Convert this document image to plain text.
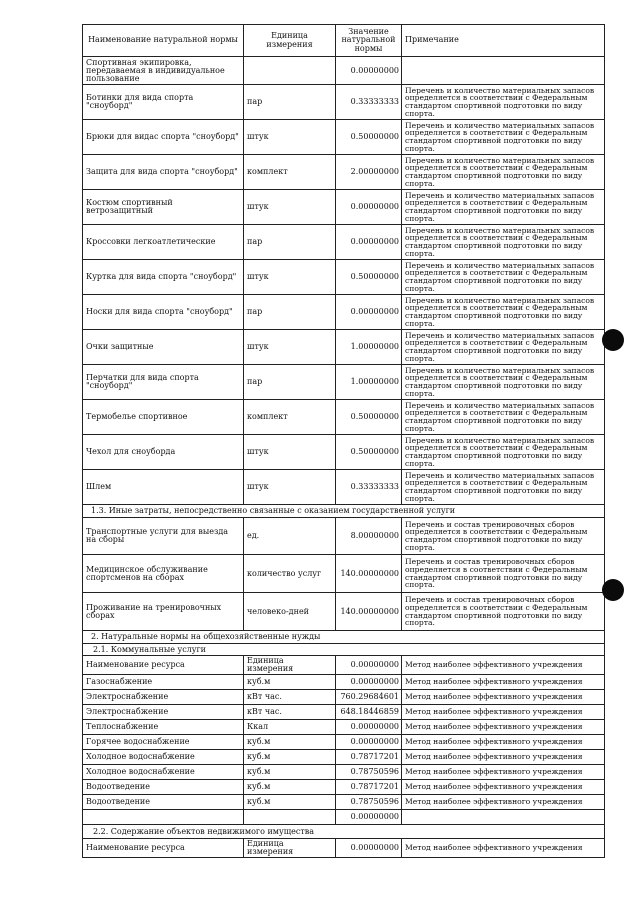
Наименование натуральной нормы	Единица измерения	Значение натуральной нормы	Примечание
Спортивная экипировка, передаваемая в индивидуальное пользование		0.00000000	
Ботинки для вида спорта "сноуборд"	пар	0.33333333	Перечень и количество материальных запасов определяется в соответствии с Федеральным стандартом спортивной подготовки по виду спорта.
Брюки для видас спорта "сноуборд"	штук	0.50000000	Перечень и количество материальных запасов определяется в соответствии с Федеральным стандартом спортивной подготовки по виду спорта.
Защита для вида спорта "сноуборд"	комплект	2.00000000	Перечень и количество материальных запасов определяется в соответствии с Федеральным стандартом спортивной подготовки по виду спорта.
Костюм спортивный ветрозащитный	штук	0.00000000	Перечень и количество материальных запасов определяется в соответствии с Федеральным стандартом спортивной подготовки по виду спорта.
Кроссовки легкоатлетические	пар	0.00000000	Перечень и количество материальных запасов определяется в соответствии с Федеральным стандартом спортивной подготовки по виду спорта.
Куртка для вида спорта "сноуборд"	штук	0.50000000	Перечень и количество материальных запасов определяется в соответствии с Федеральным стандартом спортивной подготовки по виду спорта.
Носки для вида спорта "сноуборд"	пар	0.00000000	Перечень и количество материальных запасов определяется в соответствии с Федеральным стандартом спортивной подготовки по виду спорта.
Очки защитные	штук	1.00000000	Перечень и количество материальных запасов определяется в соответствии с Федеральным стандартом спортивной подготовки по виду спорта.
Перчатки для вида спорта "сноуборд"	пар	1.00000000	Перечень и количество материальных запасов определяется в соответствии с Федеральным стандартом спортивной подготовки по виду спорта.
Термобелье спортивное	комплект	0.50000000	Перечень и количество материальных запасов определяется в соответствии с Федеральным стандартом спортивной подготовки по виду спорта.
Чехол для сноуборда	штук	0.50000000	Перечень и количество материальных запасов определяется в соответствии с Федеральным стандартом спортивной подготовки по виду спорта.
Шлем	штук	0.33333333	Перечень и количество материальных запасов определяется в соответствии с Федеральным стандартом спортивной подготовки по виду спорта.
1.3. Иные затраты, непосредственно связанные с оказанием государственной услуги			
Транспортные услуги для выезда на сборы	ед.	8.00000000	Перечень и состав тренировочных сборов определяется в соответствии с Федеральным стандартом спортивной подготовки по виду спорта.
Медицинское обслуживание спортсменов на сборах	количество услуг	140.00000000	Перечень и состав тренировочных сборов определяется в соответствии с Федеральным стандартом спортивной подготовки по виду спорта.
Проживание на тренировочных сборах	человеко-дней	140.00000000	Перечень и состав тренировочных сборов определяется в соответствии с Федеральным стандартом спортивной подготовки по виду спорта.
2. Натуральные нормы на общехозяйственные нужды			
2.1. Коммунальные услуги			
Наименование ресурса	Единица измерения	0.00000000	Метод наиболее эффективного учреждения
Газоснабжение	куб.м	0.00000000	Метод наиболее эффективного учреждения
Электроснабжение	кВт час.	760.29684601	Метод наиболее эффективного учреждения
Электроснабжение	кВт час.	648.18446859	Метод наиболее эффективного учреждения
Теплоснабжение	Ккал	0.00000000	Метод наиболее эффективного учреждения
Горячее водоснабжение	куб.м	0.00000000	Метод наиболее эффективного учреждения
Холодное водоснабжение	куб.м	0.78717201	Метод наиболее эффективного учреждения
Холодное водоснабжение	куб.м	0.78750596	Метод наиболее эффективного учреждения
Водоотведение	куб.м	0.78717201	Метод наиболее эффективного учреждения
Водоотведение	куб.м	0.78750596	Метод наиболее эффективного учреждения
		0.00000000	
2.2. Содержание объектов недвижимого имущества			
Наименование ресурса	Единица измерения	0.00000000	Метод наиболее эффективного учреждения
